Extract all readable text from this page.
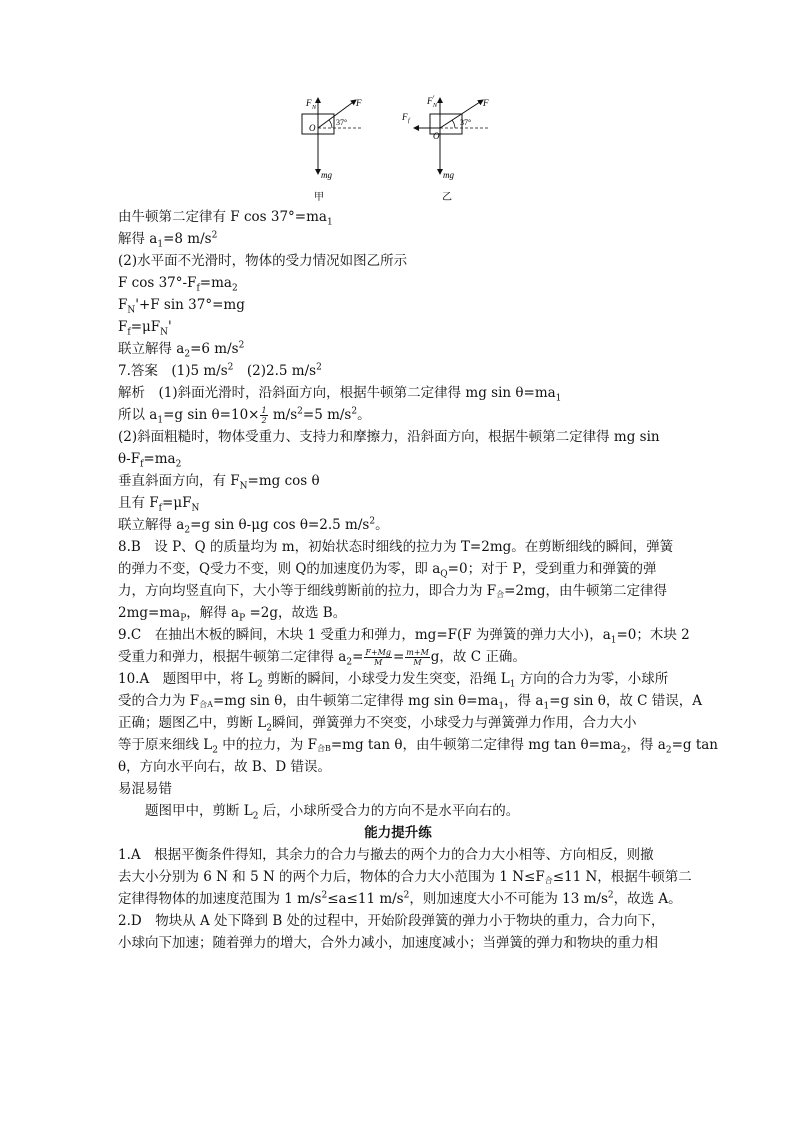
F N	F
O
37°
mg
甲
F N
′	F
F f
O
37°
mg
乙
由牛顿第二定律有 F $\cos 37^\circ=ma_1$
解得 $a_1=8$ $m/s^2$
(2)水平面不光滑时，物体的受力情况如图乙所示
F $\cos 37^\circ-F_f=ma_2$
$F_N'+F$ sin 37°=mg
$F_f=\mu F_N'$
联立解得 $a_2=6$ $m/s^2$
7.答案　(1)5 $m/s^2$　(2)2.5 $m/s^2$
解析　(1)斜面光滑时，沿斜面方向，根据牛顿第二定律得 mg $\sin \theta=ma_1$
所以 $a_1=g$ $\sin \theta=10\times \frac{1}{2} m/s^2=5$ $m/s^2$。
(2)斜面粗糙时，物体受重力、支持力和摩擦力，沿斜面方向，根据牛顿第二定律得 mg sin
$\theta-F_f=ma_2$
垂直斜面方向，有 $F_N=mg$ cos θ
且有 $F_f=\mu F_N$
联立解得 $a_2=g$ sin θ-μg cos θ=2.5 $m/s^2$。
8.B　设 P、Q 的质量均为 m，初始状态时细线的拉力为 T=2mg。在剪断细线的瞬间，弹簧
的弹力不变，Q受力不变，则 Q的加速度仍为零，即 $a_Q=0$；对于 P，受到重力和弹簧的弹
力，方向均竖直向下，大小等于细线剪断前的拉力，即合力为 $F_合=2mg$，由牛顿第二定律得
$2mg=ma_P$，解得 $a_P =2g$，故选 B。
9.C　在抽出木板的瞬间，木块 1 受重力和弹力，mg=F(F 为弹簧的弹力大小)，$a_1=0$；木块 2
受重力和弹力，根据牛顿第二定律得 $a_2= \frac{F+Mg}{M} = \frac{m+M}{M}$ g，故 C 正确。
10.A　题图甲中，将 $L_2$ 剪断的瞬间，小球受力发生突变，沿绳 $L_1$ 方向的合力为零，小球所
受的合力为 $F_{合A}=mg$ sin θ，由牛顿第二定律得 mg $\sin \theta=ma_1$，得 $a_1=g$ sin θ，故 C 错误，A
正确；题图乙中，剪断 $L_2$瞬间，弹簧弹力不突变，小球受力与弹簧弹力作用，合力大小
等于原来细线 $L_2$ 中的拉力，为 $F_{合B}=mg$ tan θ，由牛顿第二定律得 mg $\tan \theta=ma_2$，得 $a_2=g$ tan
θ，方向水平向右，故 B、D 错误。
易混易错
题图甲中，剪断 $L_2$ 后，小球所受合力的方向不是水平向右的。
能力提升练
1.A　根据平衡条件得知，其余力的合力与撤去的两个力的合力大小相等、方向相反，则撤
去大小分别为 6 N 和 5 N 的两个力后，物体的合力大小范围为 1 $N\le F_合\le 11$ N，根据牛顿第二
定律得物体的加速度范围为 1 $m/s^2\le a\le 11$ $m/s^2$，则加速度大小不可能为 13 $m/s^2$，故选 A。
2.D　物块从 A 处下降到 B 处的过程中，开始阶段弹簧的弹力小于物块的重力，合力向下，
小球向下加速；随着弹力的增大，合外力减小，加速度减小；当弹簧的弹力和物块的重力相
